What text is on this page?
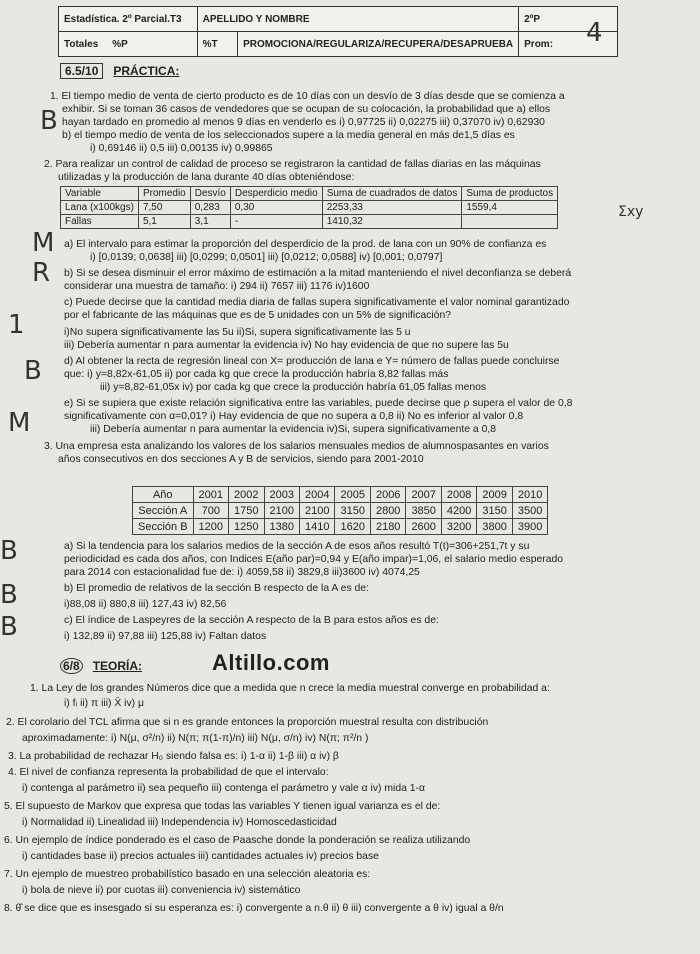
Estadística. 2º Parcial.T3	APELLIDO Y NOMBRE		2ºP
Totales %P	%T	PROMOCIONA/REGULARIZA/RECUPERA/DESAPRUEBA	Prom:
6.5/10 PRÁCTICA:
1. El tiempo medio de venta de cierto producto es de 10 días con un desvío de 3 días desde que se comienza a
exhibir. Si se toman 36 casos de vendedores que se ocupan de su colocación, la probabilidad que a) ellos
hayan tardado en promedio al menos 9 días en venderlo es i) 0,97725 ii) 0,02275 iii) 0,37070 iv) 0,62930
b) el tiempo medio de venta de los seleccionados supere a la media general en más de1,5 días es
i) 0,69146 ii) 0,5 iii) 0,00135 iv) 0,99865
2. Para realizar un control de calidad de proceso se registraron la cantidad de fallas diarias en las máquinas
utilizadas y la producción de lana durante 40 días obteniéndose:
a) El intervalo para estimar la proporción del desperdicio de la prod. de lana con un 90% de confianza es
i) [0,0139; 0,0638] iii) [0,0299; 0,0501] iii) [0,0212; 0,0588] iv) [0,001; 0,0797]
b) Si se desea disminuir el error máximo de estimación a la mitad manteniendo el nivel deconfianza se deberá
considerar una muestra de tamaño: i) 294 ii) 7657 iii) 1176 iv)1600
c) Puede decirse que la cantidad media diaria de fallas supera significativamente el valor nominal garantizado
por el fabricante de las máquinas que es de 5 unidades con un 5% de significación?
i)No supera significativamente las 5u ii)Si, supera significativamente las 5 u
iii) Debería aumentar n para aumentar la evidencia iv) No hay evidencia de que no supere las 5u
d) Al obtener la recta de regresión lineal con X= producción de lana e Y= número de fallas puede concluirse
que: i) y=8,82x-61,05 ii) por cada kg que crece la producción habría 8,82 fallas más
iii) y=8,82-61,05x iv) por cada kg que crece la producción habría 61,05 fallas menos
e) Si se supiera que existe relación significativa entre las variables, puede decirse que ρ supera el valor de 0,8
significativamente con α=0,01? i) Hay evidencia de que no supera a 0,8 ii) No es inferior al valor 0,8
iii) Debería aumentar n para aumentar la evidencia iv)Si, supera significativamente a 0,8
3. Una empresa esta analizando los valores de los salarios mensuales medios de alumnospasantes en varios
años consecutivos en dos secciones A y B de servicios, siendo para 2001-2010
a) Si la tendencia para los salarios medios de la sección A de esos años resultó T(t)=306+251,7t y su
periodicidad es cada dos años, con Indices E(año par)=0,94 y E(año impar)=1,06, el salario medio esperado
para 2014 con estacionalidad fue de: i) 4059,58 ii) 3829,8 iii)3600 iv) 4074,25
b) El promedio de relativos de la sección B respecto de la A es de:
i)88,08 ii) 880,8 iii) 127,43 iv) 82,56
c) El índice de Laspeyres de la sección A respecto de la B para estos años es de:
i) 132,89 ii) 97,88 iii) 125,88 iv) Faltan datos
1. La Ley de los grandes Números dice que a medida que n crece la media muestral converge en probabilidad a:
i) fᵢ ii) π iii) X̄ iv) μ
2. El corolario del TCL afirma que si n es grande entonces la proporción muestral resulta con distribución
aproximadamente: i) N(μ, σ²/n) ii) N(π; π(1-π)/n) iii) N(μ, σ/n) iv) N(π; π²/n )
3. La probabilidad de rechazar H₀ siendo falsa es: i) 1-α ii) 1-β iii) α iv) β
4. El nivel de confianza representa la probabilidad de que el intervalo:
i) contenga al parámetro ii) sea pequeño iii) contenga el parámetro y vale α iv) mida 1-α
5. El supuesto de Markov que expresa que todas las variables Y tienen igual varianza es el de:
i) Normalidad ii) Linealidad iii) Independencia iv) Homoscedasticidad
6. Un ejemplo de índice ponderado es el caso de Paasche donde la ponderación se realiza utilizando
i) cantidades base ii) precios actuales iii) cantidades actuales iv) precios base
7. Un ejemplo de muestreo probabilístico basado en una selección aleatoria es:
i) bola de nieve ii) por cuotas iii) conveniencia iv) sistemático
8. θ̂ se dice que es insesgado si su esperanza es: i) convergente a n.θ ii) θ iii) convergente a θ iv) igual a θ/n
Variable	Promedio	Desvío	Desperdicio medio	Suma de cuadrados de datos	Suma de productos
Lana (x100kgs)	7,50	0,283	0,30	2253,33	1559,4
Fallas	5,1	3,1	-	1410,32	
Año	2001	2002	2003	2004	2005	2006	2007	2008	2009	2010
Sección A	700	1750	2100	2100	3150	2800	3850	4200	3150	3500
Sección B	1200	1250	1380	1410	1620	2180	2600	3200	3800	3900
6/8 TEORÍA:	Altillo.com
4
B
M
R
1
B
M
B
B
B
Σxy
